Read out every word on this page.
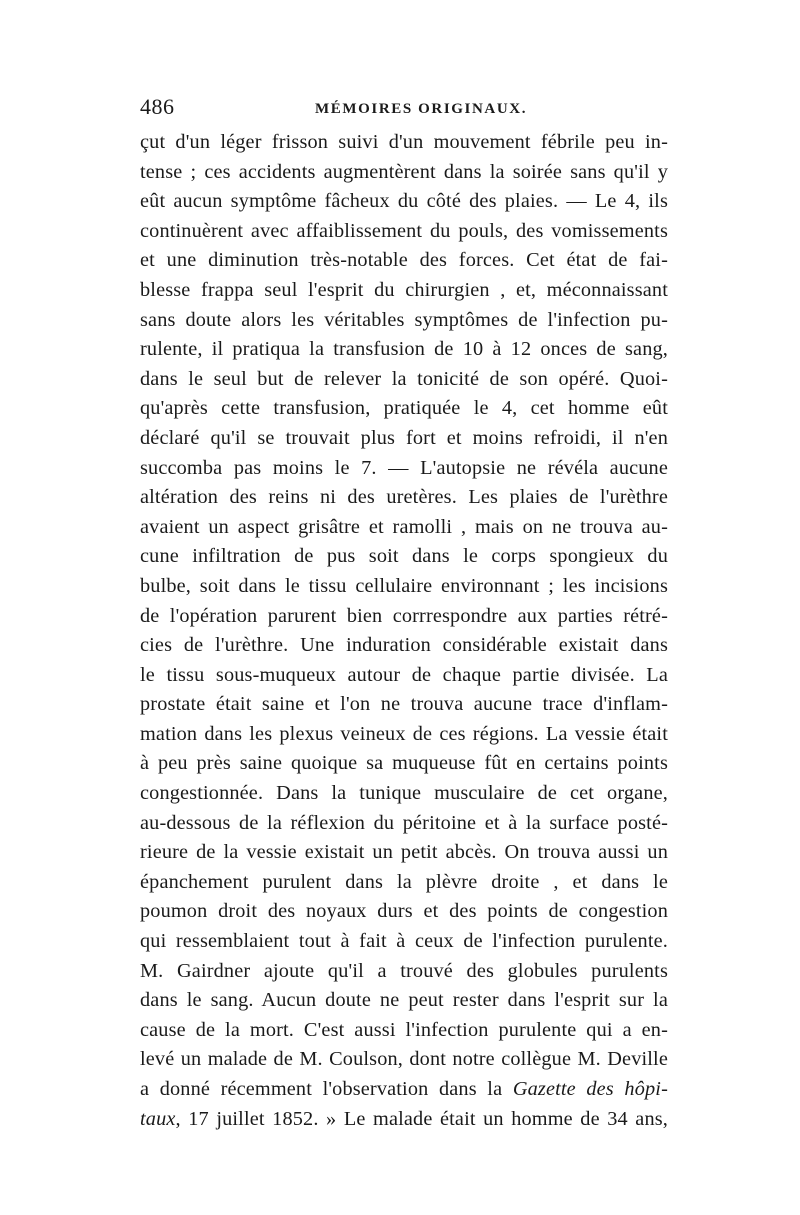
486	MÉMOIRES ORIGINAUX.
çut d'un léger frisson suivi d'un mouvement fébrile peu in-
tense ; ces accidents augmentèrent dans la soirée sans qu'il y
eût aucun symptôme fâcheux du côté des plaies. — Le 4, ils
continuèrent avec affaiblissement du pouls, des vomissements
et une diminution très-notable des forces. Cet état de fai-
blesse frappa seul l'esprit du chirurgien , et, méconnaissant
sans doute alors les véritables symptômes de l'infection pu-
rulente, il pratiqua la transfusion de 10 à 12 onces de sang,
dans le seul but de relever la tonicité de son opéré. Quoi-
qu'après cette transfusion, pratiquée le 4, cet homme eût
déclaré qu'il se trouvait plus fort et moins refroidi, il n'en
succomba pas moins le 7. — L'autopsie ne révéla aucune
altération des reins ni des uretères. Les plaies de l'urèthre
avaient un aspect grisâtre et ramolli , mais on ne trouva au-
cune infiltration de pus soit dans le corps spongieux du
bulbe, soit dans le tissu cellulaire environnant ; les incisions
de l'opération parurent bien corrrespondre aux parties rétré-
cies de l'urèthre. Une induration considérable existait dans
le tissu sous-muqueux autour de chaque partie divisée. La
prostate était saine et l'on ne trouva aucune trace d'inflam-
mation dans les plexus veineux de ces régions. La vessie était
à peu près saine quoique sa muqueuse fût en certains points
congestionnée. Dans la tunique musculaire de cet organe,
au-dessous de la réflexion du péritoine et à la surface posté-
rieure de la vessie existait un petit abcès. On trouva aussi un
épanchement purulent dans la plèvre droite , et dans le
poumon droit des noyaux durs et des points de congestion
qui ressemblaient tout à fait à ceux de l'infection purulente.
M. Gairdner ajoute qu'il a trouvé des globules purulents
dans le sang. Aucun doute ne peut rester dans l'esprit sur la
cause de la mort. C'est aussi l'infection purulente qui a en-
levé un malade de M. Coulson, dont notre collègue M. Deville
a donné récemment l'observation dans la Gazette des hôpi-
taux, 17 juillet 1852. » Le malade était un homme de 34 ans,
